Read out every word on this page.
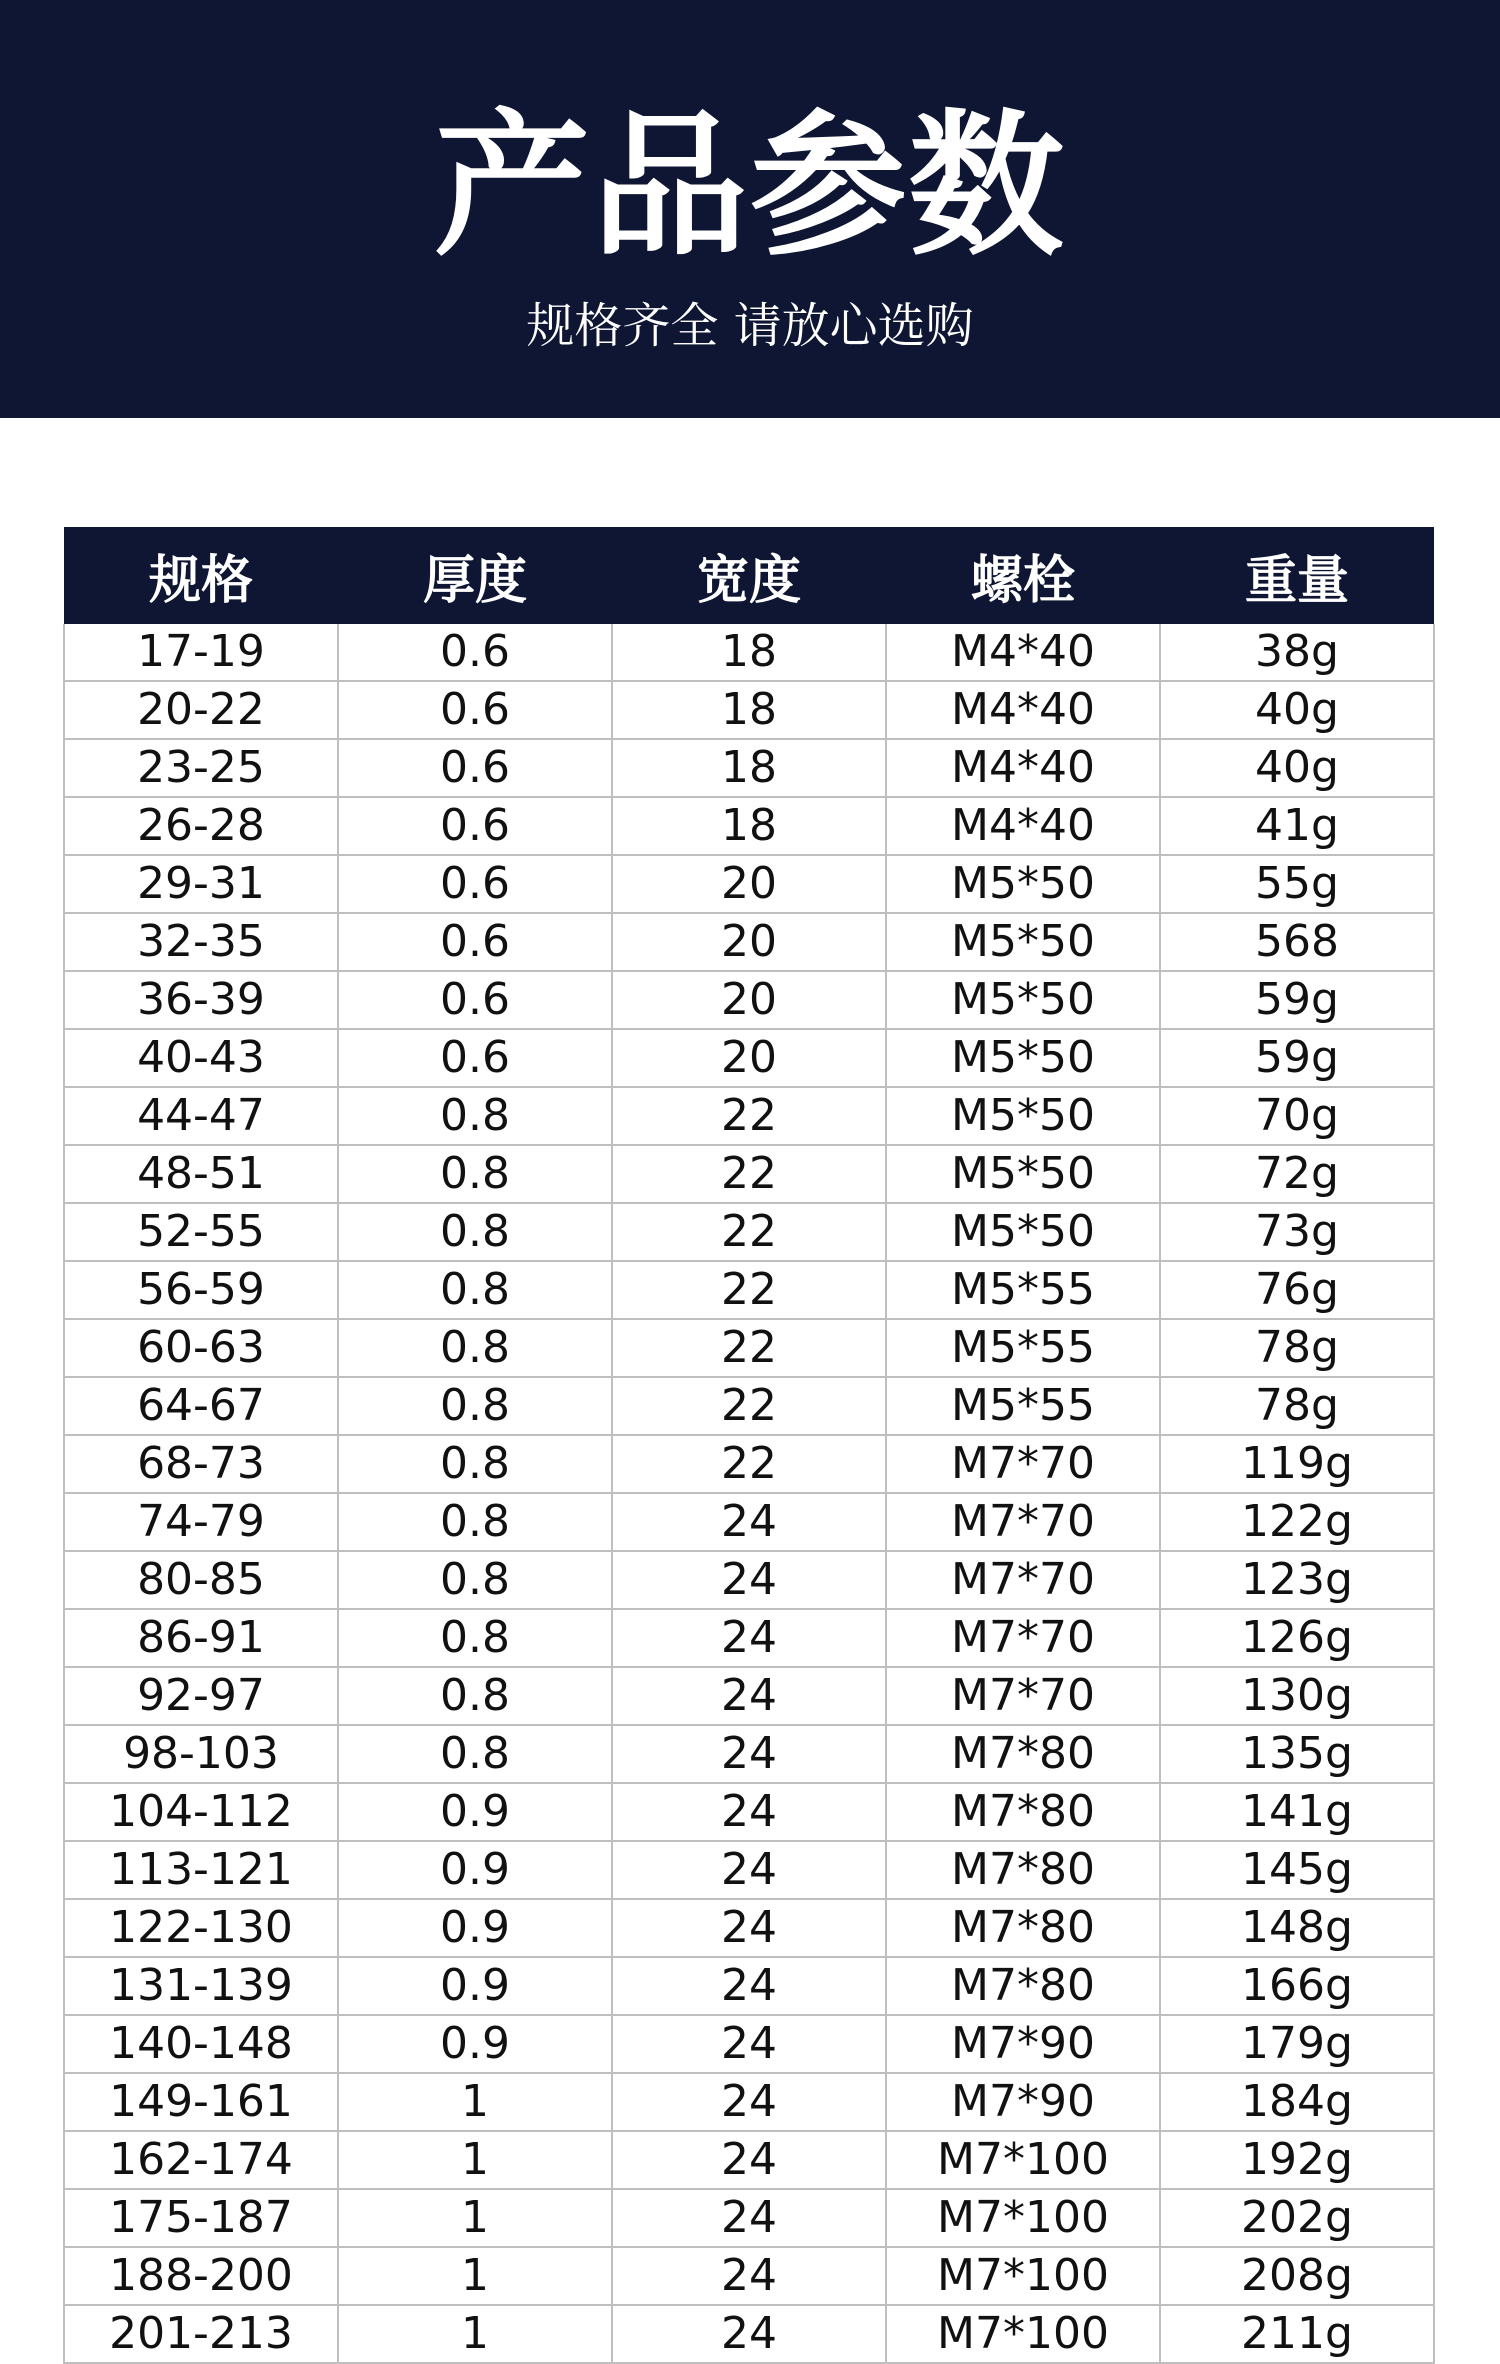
产品参数
规格齐全 请放心选购
规格	厚度	宽度	螺栓	重量
17-19	0.6	18	M4*40	38g
20-22	0.6	18	M4*40	40g
23-25	0.6	18	M4*40	40g
26-28	0.6	18	M4*40	41g
29-31	0.6	20	M5*50	55g
32-35	0.6	20	M5*50	568
36-39	0.6	20	M5*50	59g
40-43	0.6	20	M5*50	59g
44-47	0.8	22	M5*50	70g
48-51	0.8	22	M5*50	72g
52-55	0.8	22	M5*50	73g
56-59	0.8	22	M5*55	76g
60-63	0.8	22	M5*55	78g
64-67	0.8	22	M5*55	78g
68-73	0.8	22	M7*70	119g
74-79	0.8	24	M7*70	122g
80-85	0.8	24	M7*70	123g
86-91	0.8	24	M7*70	126g
92-97	0.8	24	M7*70	130g
98-103	0.8	24	M7*80	135g
104-112	0.9	24	M7*80	141g
113-121	0.9	24	M7*80	145g
122-130	0.9	24	M7*80	148g
131-139	0.9	24	M7*80	166g
140-148	0.9	24	M7*90	179g
149-161	1	24	M7*90	184g
162-174	1	24	M7*100	192g
175-187	1	24	M7*100	202g
188-200	1	24	M7*100	208g
201-213	1	24	M7*100	211g
